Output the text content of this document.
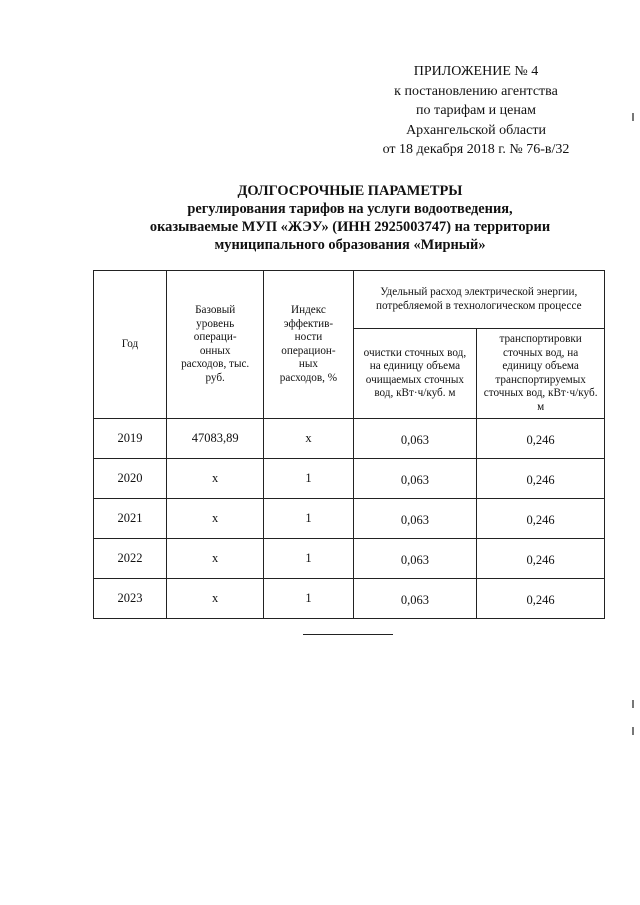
ПРИЛОЖЕНИЕ № 4
к постановлению агентства
по тарифам и ценам
Архангельской области
от 18 декабря 2018 г. № 76-в/32
ДОЛГОСРОЧНЫЕ ПАРАМЕТРЫ
регулирования тарифов на услуги водоотведения,
оказываемые МУП «ЖЭУ» (ИНН 2925003747) на территории
муниципального образования «Мирный»
Год	Базовый уровень операци-онных расходов, тыс. руб.	Индекс эффектив-ности операцион-ных расходов, %	Удельный расход электрической энергии, потребляемой в технологическом процессе	
			очистки сточных вод, на единицу объема очищаемых сточных вод, кВт·ч/куб. м	транспортировки сточных вод, на единицу объема транспортируемых сточных вод, кВт·ч/куб. м
2019	47083,89	х	0,063	0,246
2020	х	1	0,063	0,246
2021	х	1	0,063	0,246
2022	х	1	0,063	0,246
2023	х	1	0,063	0,246
